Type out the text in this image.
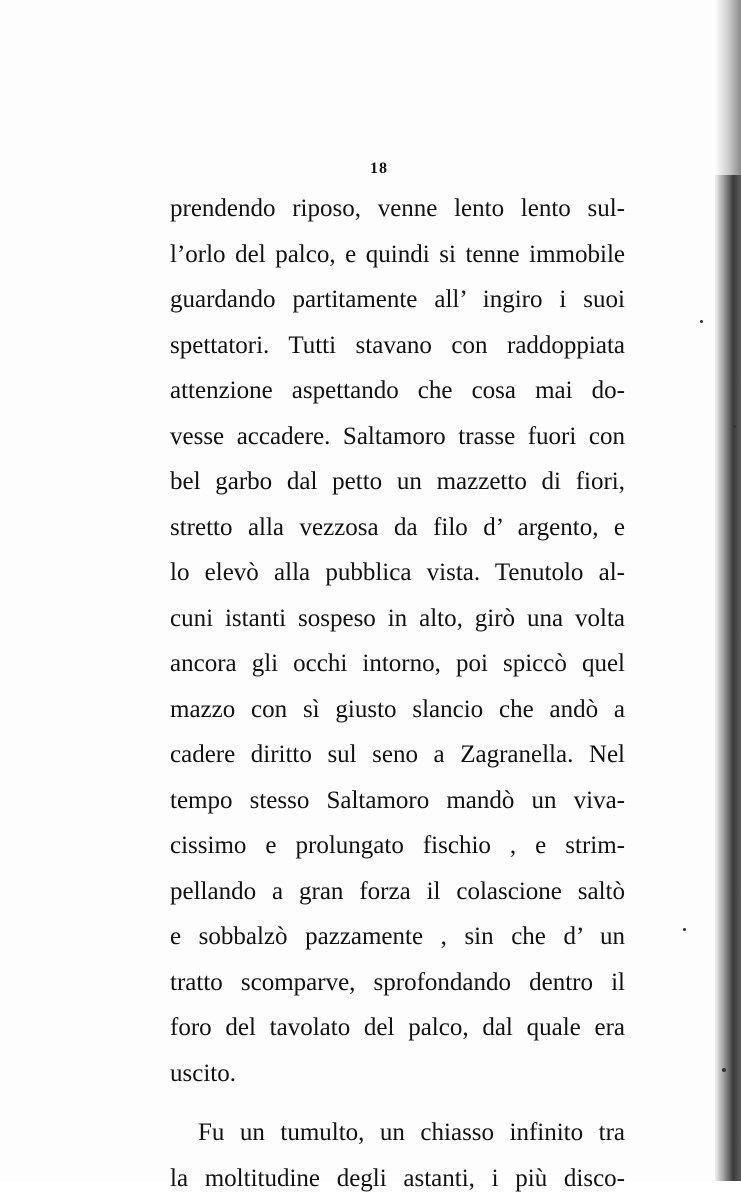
18
prendendo riposo, venne lento lento sul-
l’orlo del palco, e quindi si tenne immobile
guardando partitamente all’ ingiro i suoi
spettatori. Tutti stavano con raddoppiata
attenzione aspettando che cosa mai do-
vesse accadere. Saltamoro trasse fuori con
bel garbo dal petto un mazzetto di fiori,
stretto alla vezzosa da filo d’ argento, e
lo elevò alla pubblica vista. Tenutolo al-
cuni istanti sospeso in alto, girò una volta
ancora gli occhi intorno, poi spiccò quel
mazzo con sì giusto slancio che andò a
cadere diritto sul seno a Zagranella. Nel
tempo stesso Saltamoro mandò un viva-
cissimo e prolungato fischio , e strim-
pellando a gran forza il colascione saltò
e sobbalzò pazzamente , sin che d’ un
tratto scomparve, sprofondando dentro il
foro del tavolato del palco, dal quale era
uscito.
Fu un tumulto, un chiasso infinito tra
la moltitudine degli astanti, i più disco-
